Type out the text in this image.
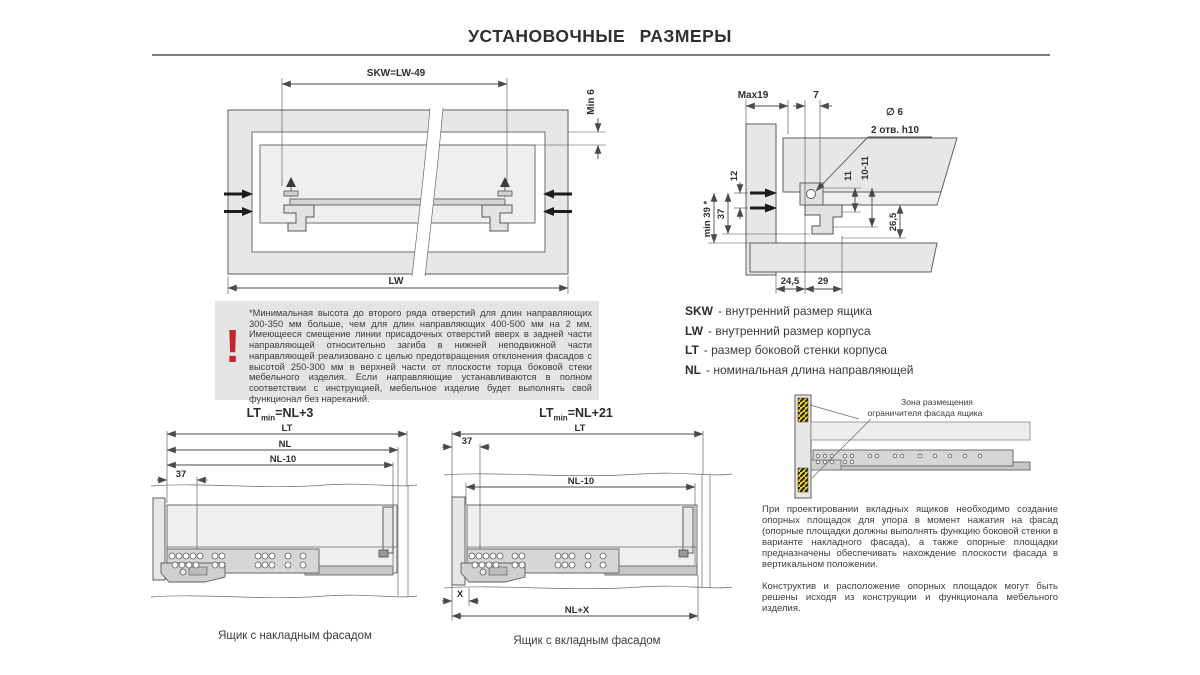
УСТАНОВОЧНЫЕ РАЗМЕРЫ
SKW=LW-49
Min 6
LW
Max19	7
∅ 6
2 отв. h10
12
37
min 39 *
11 10-11
26,5
24,5 29
!

*Минимальная высота до второго ряда отверстий для длин направляющих 300-350 мм больше, чем для длин направляющих 400-500 мм на 2 мм. Имеющееся смещение линии присадочных отверстий вверх в задней части направляющей относительно загиба в нижней неподвижной части направляющей реализовано с целью предотвращения отклонения фасадов с высотой 250-300 мм в верхней части от плоскости торца боковой стеки мебельного изделия. Если направляющие устанавливаются в полном соответствии с инструкцией, мебельное изделие будет выполнять свой функционал без нареканий.

SKW - внутренний размер ящика
LW - внутренний размер корпуса
LT - размер боковой стенки корпуса
NL - номинальная длина направляющей
$LT_{min}=NL+3$
LT
NL
NL-10
37
Ящик с накладным фасадом
$LT_{min}=NL+21$
LT
37
NL-10
X
NL+X
Ящик с вкладным фасадом
Зона размещения
ограничителя фасада ящика

При проектировании вкладных ящиков необходимо создание опорных площадок для упора в момент нажатия на фасад (опорные площадки должны выполнять функцию боковой стенки в варианте накладного фасада), а также опорные площадки предназначены обеспечивать нахождение плоскости фасада в вертикальном положении.

Конструктив и расположение опорных площадок могут быть решены исходя из конструкции и функционала мебельного изделия.
